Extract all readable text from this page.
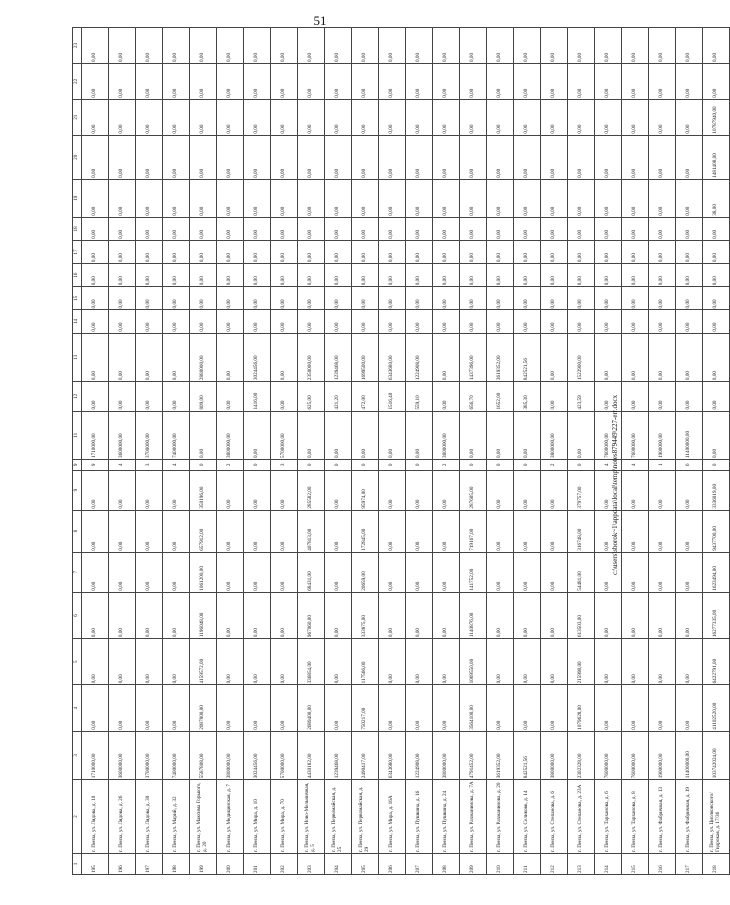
51
1	2	3	4	5	6	7	8	9	9	11	12	13	14	15	16	17	18	19	20	21	22	23
195	г. Пенза, ул. Лядова, д. 10	1710000,00	0,00	0,00	0,00	0,00	0,00	0,00	9	1710000,00	0,00	0,00	0,00	0,00	0,00	0,00	0,00	0,00	0,00	0,00	0,00	0,00
196	г. Пенза, ул. Лядова, д. 26	3600000,00	0,00	0,00	0,00	0,00	0,00	0,00	4	3600000,00	0,00	0,00	0,00	0,00	0,00	0,00	0,00	0,00	0,00	0,00	0,00	0,00
197	г. Пенза, ул. Лядова, д. 30	3700000,00	0,00	0,00	0,00	0,00	0,00	0,00	3	3700000,00	0,00	0,00	0,00	0,00	0,00	0,00	0,00	0,00	0,00	0,00	0,00	0,00
198	г. Пенза, ул. Марий, д. 32	7400000,00	0,00	0,00	0,00	0,00	0,00	0,00	4	7400000,00	0,00	0,00	0,00	0,00	0,00	0,00	0,00	0,00	0,00	0,00	0,00	0,00
199	г. Пенза, ул. Максима Горького, д. 20	5587808,00	2087800,00	4159572,00	1196048,00	1061200,00	657912,00	350196,00	0	0,00	809,00	2880000,00	0,00	0,00	0,00	0,00	0,00	0,00	0,00	0,00	0,00	0,00
200	г. Пенза, ул. Медицинская, д. 7	3800000,00	0,00	0,00	0,00	0,00	0,00	0,00	2	3800000,00	0,00	0,00	0,00	0,00	0,00	0,00	0,00	0,00	0,00	0,00	0,00	0,00
201	г. Пенза, ул. Мира, д. 10	3024456,00	0,00	0,00	0,00	0,00	0,00	0,00	0	0,00	1416,00	3024456,00	0,00	0,00	0,00	0,00	0,00	0,00	0,00	0,00	0,00	0,00
202	г. Пенза, ул. Мира, д. 70	5700000,00	0,00	0,00	0,00	0,00	0,00	0,00	3	5700000,00	0,00	0,00	0,00	0,00	0,00	0,00	0,00	0,00	0,00	0,00	0,00	0,00
203	г. Пенза, ул. Ново-Мельничная, д. 5	4430182,00	2689400,00	336854,00	967060,00	68431,00	407813,00	285582,00	0	0,00	625,00	2350000,00	0,00	0,00	0,00	0,00	0,00	0,00	0,00	0,00	0,00	0,00
204	г. Пенза, ул. Первомайская, д. 25	1239468,00	0,00	0,00	0,00	0,00	0,00	0,00	0	0,00	421,20	1239468,00	0,00	0,00	0,00	0,00	0,00	0,00	0,00	0,00	0,00	0,00
205	г. Пенза, ул. Первомайская, д. 29	2490417,00	750217,00	117566,00	333875,00	20659,00	172845,00	95974,00	0	0,00	472,00	1699500,00	0,00	0,00	0,00	0,00	0,00	0,00	0,00	0,00	0,00	0,00
206	г. Пенза, ул. Мира, д. 16А	6343680,00	0,00	0,00	0,00	0,00	0,00	0,00	0	0,00	1516,40	6343680,00	0,00	0,00	0,00	0,00	0,00	0,00	0,00	0,00	0,00	0,00
207	г. Пенза, ул. Пушкина, д. 16	1224908,00	0,00	0,00	0,00	0,00	0,00	0,00	0	0,00	559,10	1224908,00	0,00	0,00	0,00	0,00	0,00	0,00	0,00	0,00	0,00	0,00
208	г. Пенза, ул. Пушкина, д. 24	3800000,00	0,00	0,00	0,00	0,00	0,00	0,00	2	3800000,00	0,00	0,00	0,00	0,00	0,00	0,00	0,00	0,00	0,00	0,00	0,00	0,00
209	г. Пенза, ул. Рахманинова, д. 7А	4791452,00	3564100,00	1069550,00	1140876,00	141752,00	719167,00	287605,00	0	0,00	656,70	1437396,00	0,00	0,00	0,00	0,00	0,00	0,00	0,00	0,00	0,00	0,00
210	г. Пенза, ул. Рахманинова, д. 20	3619352,00	0,00	0,00	0,00	0,00	0,00	0,00	0	0,00	1652,00	3619352,00	0,00	0,00	0,00	0,00	0,00	0,00	0,00	0,00	0,00	0,00
211	г. Пенза, ул. Селиковк, д. 14	842521,56	0,00	0,00	0,00	0,00	0,00	0,00	0	0,00	385,30	842521,56	0,00	0,00	0,00	0,00	0,00	0,00	0,00	0,00	0,00	0,00
212	г. Пенза, ул. Степанова, д. 6	3800000,00	0,00	0,00	0,00	0,00	0,00	0,00	2	3800000,00	0,00	0,00	0,00	0,00	0,00	0,00	0,00	0,00	0,00	0,00	0,00	0,00
213	г. Пенза, ул. Степанова, д. 23А	2302328,00	1079628,00	215998,00	613503,00	54481,00	316748,00	379757,00	0	0,00	423,59	1522900,00	0,00	0,00	0,00	0,00	0,00	0,00	0,00	0,00	0,00	0,00
214	г. Пенза, ул. Тарханова, д. 6	7600000,00	0,00	0,00	0,00	0,00	0,00	0,00	4	7600000,00	0,00	0,00	0,00	0,00	0,00	0,00	0,00	0,00	0,00	0,00	0,00	0,00
215	г. Пенза, ул. Тарханова, д. 8	7600000,00	0,00	0,00	0,00	0,00	0,00	0,00	4	7600000,00	0,00	0,00	0,00	0,00	0,00	0,00	0,00	0,00	0,00	0,00	0,00	0,00
216	г. Пенза, ул. Фабричная, д. 13	1900000,00	0,00	0,00	0,00	0,00	0,00	0,00	1	1900000,00	0,00	0,00	0,00	0,00	0,00	0,00	0,00	0,00	0,00	0,00	0,00	0,00
217	г. Пенза, ул. Фабричная, д. 19	11400000,00	0,00	0,00	0,00	0,00	0,00	0,00	6	11400000,00	0,00	0,00	0,00	0,00	0,00	0,00	0,00	0,00	0,00	0,00	0,00	0,00
218	г. Пенза, ул. Циолковского/ Гидрокая, д. 17/36	103742024,00	41102520,00	6422791,00	16277335,00	1623494,00	9437700,00	3336019,00	0	0,00	0,00	0,00	0,00	0,00	0,00	0,00	0,00	38,00	1481408,00	10787940,00	0,00	0,00
c:\users\sborok~1\appdata\local\temp\notes879449\227-err.docx
